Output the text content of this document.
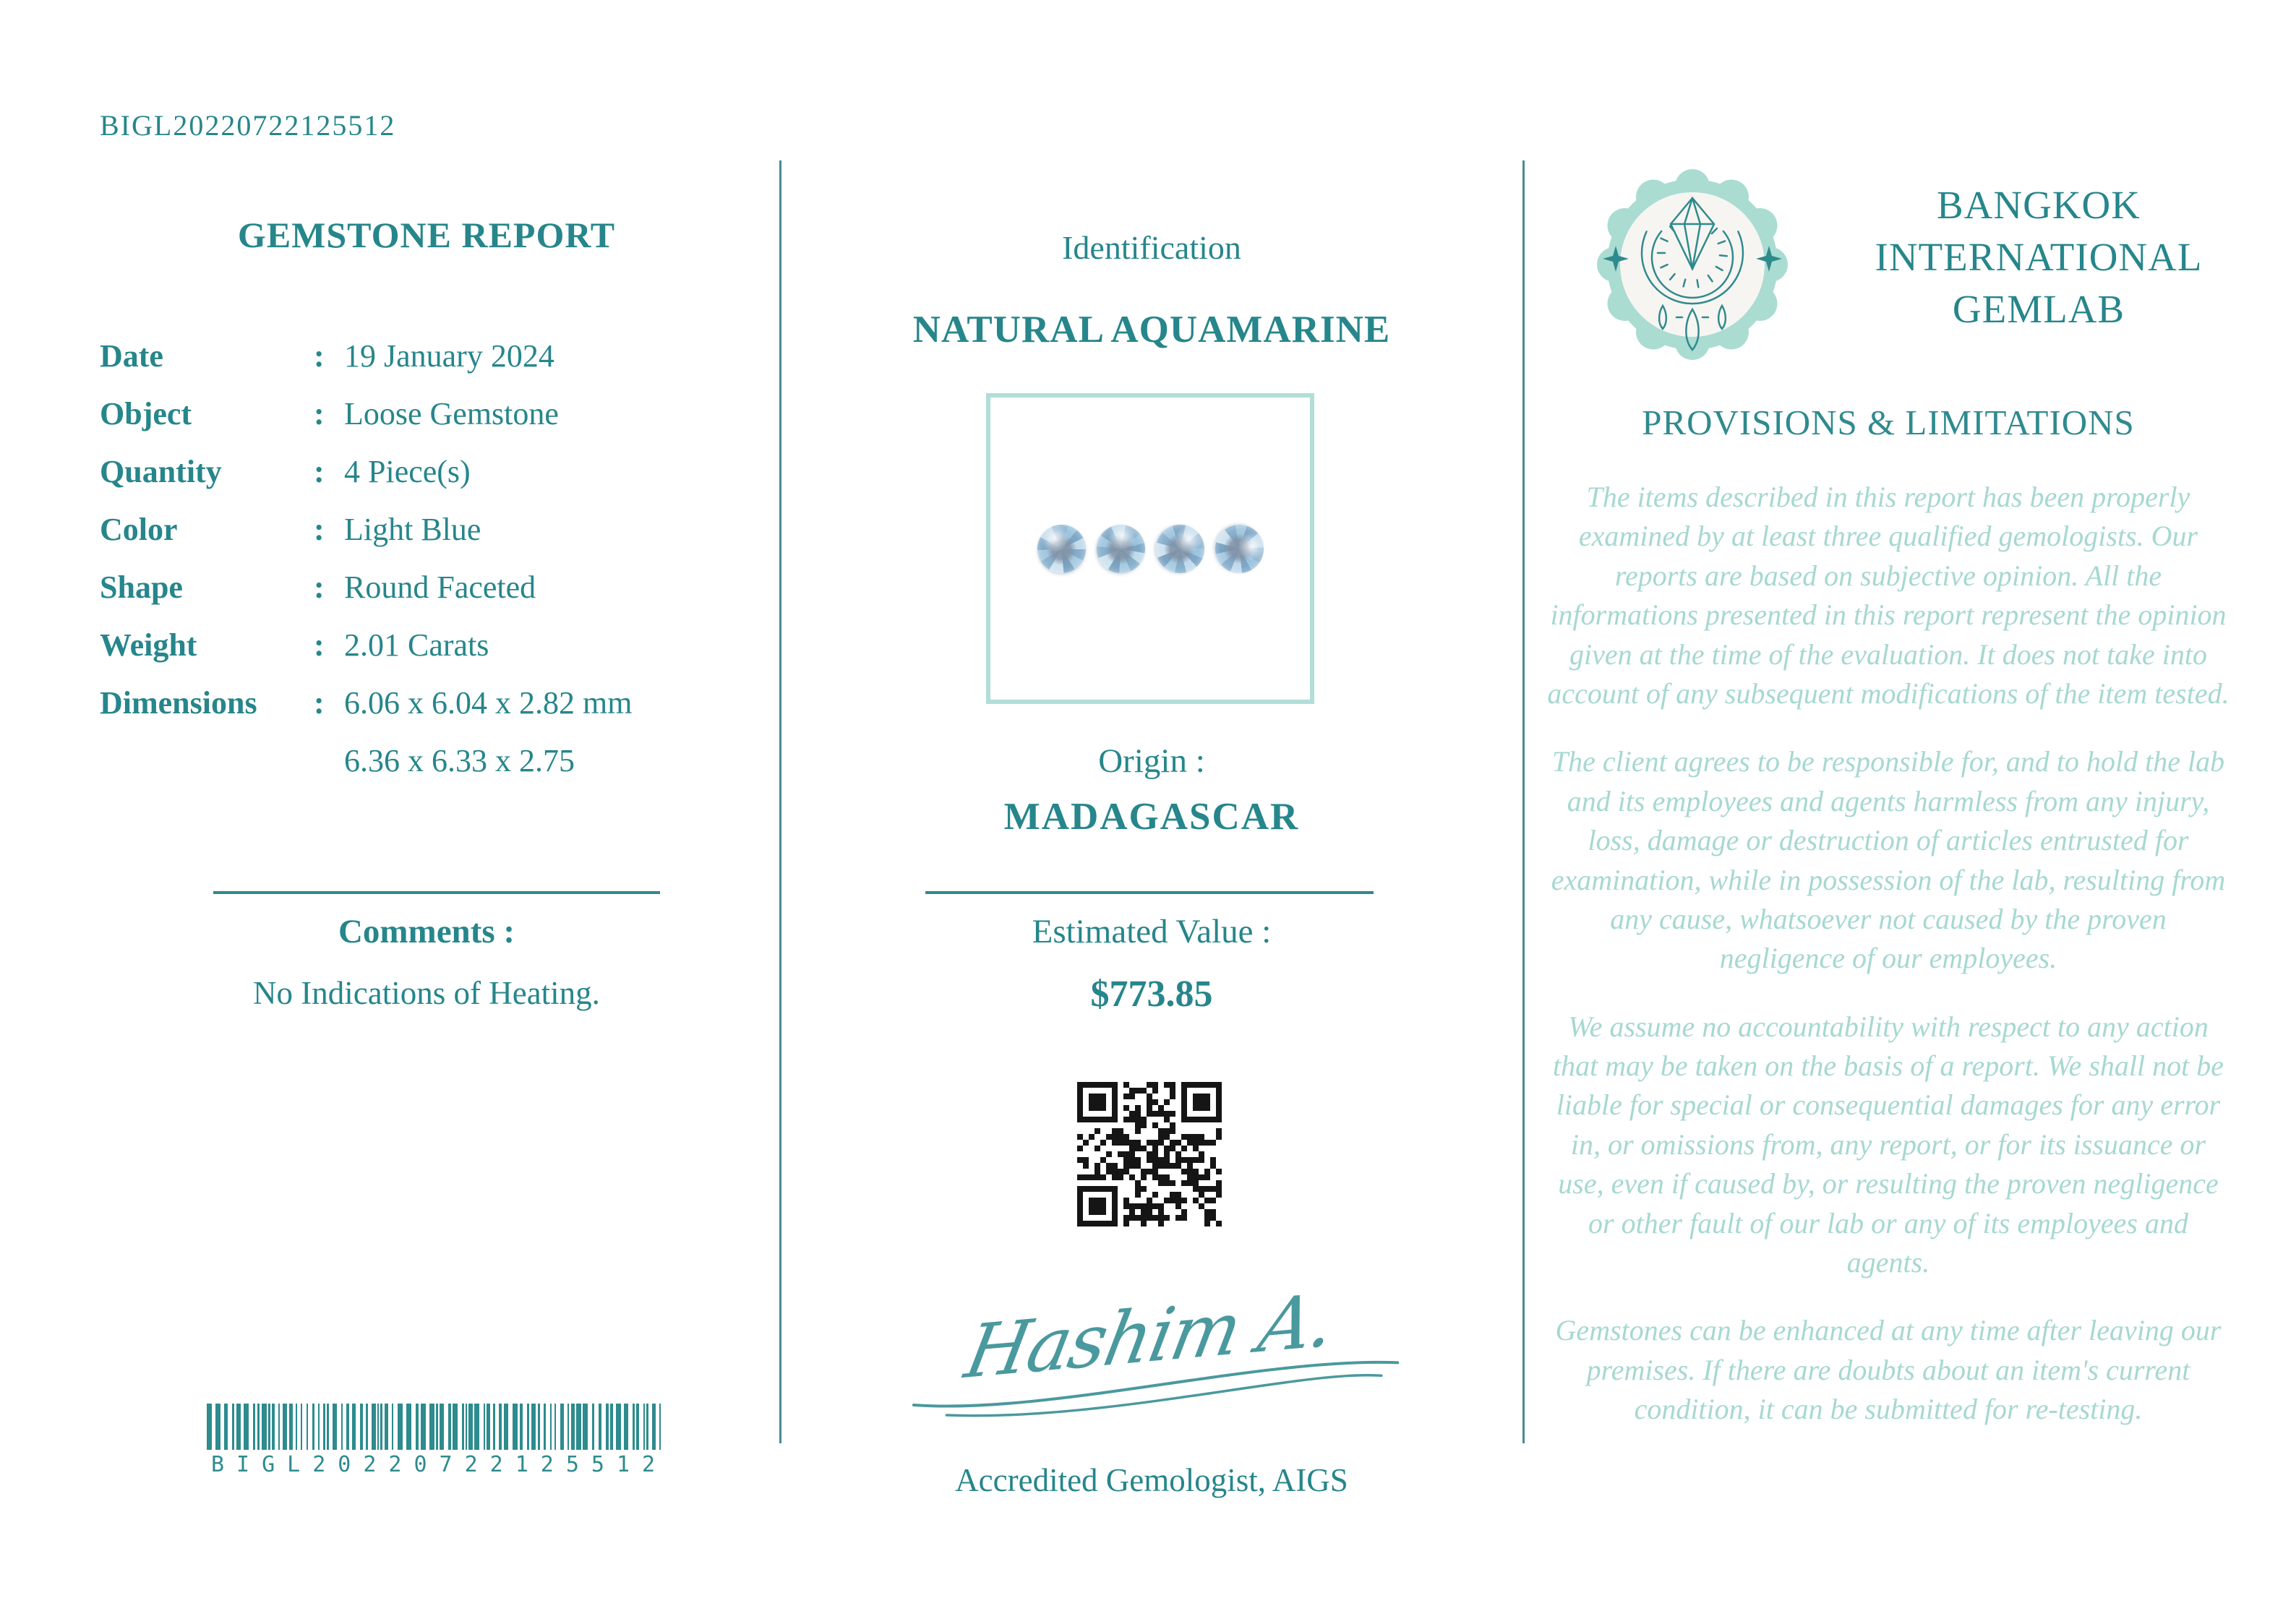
BIGL20220722125512
GEMSTONE REPORT
Date	: 19 January 2024
Object	: Loose Gemstone
Quantity	: 4 Piece(s)
Color	: Light Blue
Shape	: Round Faceted
Weight	: 2.01 Carats
Dimensions	: 6.06 x 6.04 x 2.82 mm
6.36 x 6.33 x 2.75
Comments :
No Indications of Heating.
BIGL20220722125512
Identification
NATURAL AQUAMARINE
Origin :
MADAGASCAR
Estimated Value :
$773.85
Hashim A.
Accredited Gemologist, AIGS
BANGKOK
INTERNATIONAL
GEMLAB
PROVISIONS & LIMITATIONS

The items described in this report has been properly examined by at least three qualified gemologists. Our reports are based on subjective opinion. All the informations presented in this report represent the opinion given at the time of the evaluation. It does not take into account of any subsequent modifications of the item tested.

The client agrees to be responsible for, and to hold the lab and its employees and agents harmless from any injury, loss, damage or destruction of articles entrusted for examination, while in possession of the lab, resulting from any cause, whatsoever not caused by the proven negligence of our employees.

We assume no accountability with respect to any action that may be taken on the basis of a report. We shall not be liable for special or consequential damages for any error in, or omissions from, any report, or for its issuance or use, even if caused by, or resulting the proven negligence or other fault of our lab or any of its employees and agents.

Gemstones can be enhanced at any time after leaving our premises. If there are doubts about an item's current condition, it can be submitted for re-testing.
